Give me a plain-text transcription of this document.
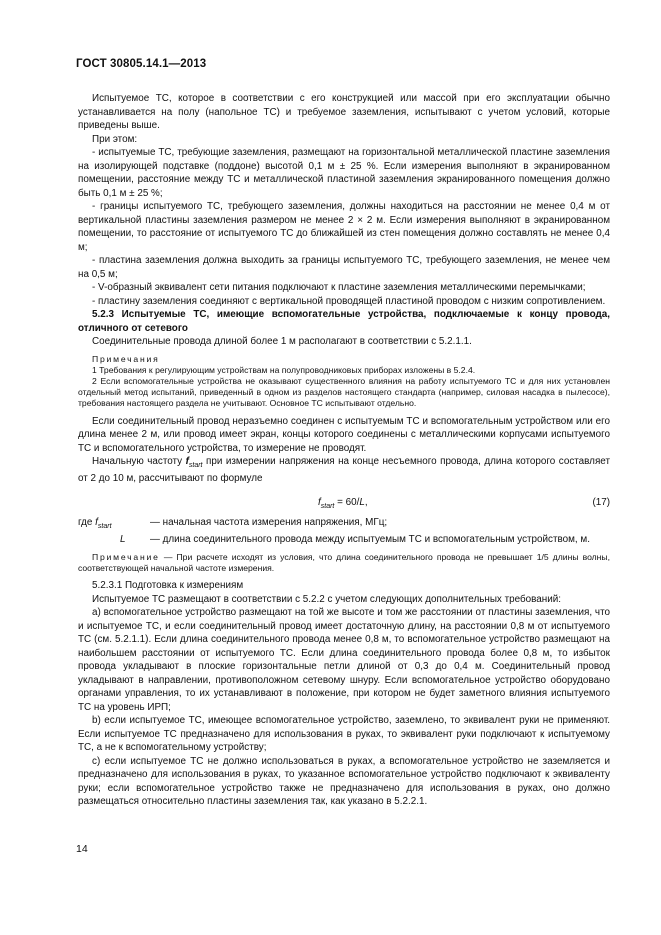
ГОСТ 30805.14.1—2013

Испытуемое ТС, которое в соответствии с его конструкцией или массой при его эксплуатации обычно устанавливается на полу (напольное ТС) и требуемое заземления, испытывают с учетом условий, которые приведены выше.

При этом:

- испытуемые ТС, требующие заземления, размещают на горизонтальной металлической пластине заземления на изолирующей подставке (поддоне) высотой 0,1 м ± 25 %. Если измерения выполняют в экранированном помещении, расстояние между ТС и металлической пластиной заземления экранированного помещения должно быть 0,1 м ± 25 %;

- границы испытуемого ТС, требующего заземления, должны находиться на расстоянии не менее 0,4 м от вертикальной пластины заземления размером не менее 2 × 2 м. Если измерения выполняют в экранированном помещении, то расстояние от испытуемого ТС до ближайшей из стен помещения должно составлять не менее 0,4 м;

- пластина заземления должна выходить за границы испытуемого ТС, требующего заземления, не менее чем на 0,5 м;

- V-образный эквивалент сети питания подключают к пластине заземления металлическими перемычками;

- пластину заземления соединяют с вертикальной проводящей пластиной проводом с низким сопротивлением.

5.2.3 Испытуемые ТС, имеющие вспомогательные устройства, подключаемые к концу провода, отличного от сетевого

Соединительные провода длиной более 1 м располагают в соответствии с 5.2.1.1.

Примечания

1 Требования к регулирующим устройствам на полупроводниковых приборах изложены в 5.2.4.

2 Если вспомогательные устройства не оказывают существенного влияния на работу испытуемого ТС и для них установлен отдельный метод испытаний, приведенный в одном из разделов настоящего стандарта (например, силовая насадка в пылесосе), требования настоящего раздела не учитывают. Основное ТС испытывают отдельно.

Если соединительный провод неразъемно соединен с испытуемым ТС и вспомогательным устройством или его длина менее 2 м, или провод имеет экран, концы которого соединены с металлическими корпусами испытуемого ТС и вспомогательного устройства, то измерение не проводят.

Начальную частоту $f_{start}$ при измерении напряжения на конце несъемного провода, длина которого составляет от 2 до 10 м, рассчитывают по формуле

$f_{start} = 60/L$,	(17)
где $f_{start}$	— начальная частота измерения напряжения, МГц;
L	— длина соединительного провода между испытуемым ТС и вспомогательным устройством, м.

Примечание — При расчете исходят из условия, что длина соединительного провода не превышает 1/5 длины волны, соответствующей начальной частоте измерения.

5.2.3.1 Подготовка к измерениям

Испытуемое ТС размещают в соответствии с 5.2.2 с учетом следующих дополнительных требований:

а) вспомогательное устройство размещают на той же высоте и том же расстоянии от пластины заземления, что и испытуемое ТС, и если соединительный провод имеет достаточную длину, на расстоянии 0,8 м от испытуемого ТС (см. 5.2.1.1). Если длина соединительного провода менее 0,8 м, то вспомогательное устройство размещают на наибольшем расстоянии от испытуемого ТС. Если длина соединительного провода более 0,8 м, то избыток провода укладывают в плоские горизонтальные петли длиной от 0,3 до 0,4 м. Соединительный провод укладывают в направлении, противоположном сетевому шнуру. Если вспомогательное устройство оборудовано органами управления, то их устанавливают в положение, при котором не будет заметного влияния испытуемого ТС на уровень ИРП;

b) если испытуемое ТС, имеющее вспомогательное устройство, заземлено, то эквивалент руки не применяют. Если испытуемое ТС предназначено для использования в руках, то эквивалент руки подключают к испытуемому ТС, а не к вспомогательному устройству;

c) если испытуемое ТС не должно использоваться в руках, а вспомогательное устройство не заземляется и предназначено для использования в руках, то указанное вспомогательное устройство подключают к эквиваленту руки; если вспомогательное устройство также не предназначено для использования в руках, оно должно размещаться относительно пластины заземления так, как указано в 5.2.2.1.

14
